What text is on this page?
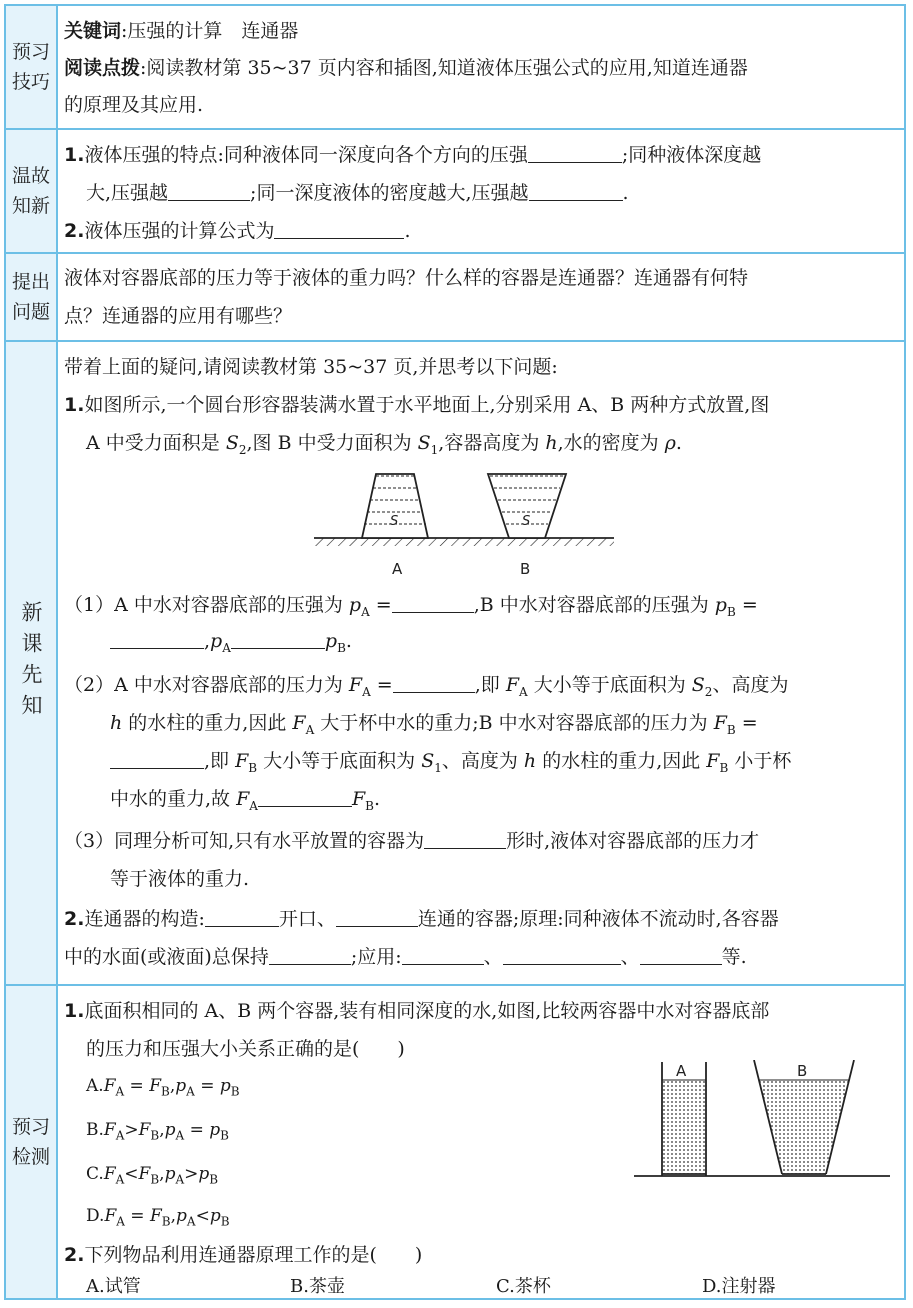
预习技巧
关键词:压强的计算　连通器
阅读点拨:阅读教材第 35~37 页内容和插图,知道液体压强公式的应用,知道连通器
的原理及其应用.
温故知新
1.液体压强的特点:同种液体同一深度向各个方向的压强	;同种液体深度越
大,压强越	;同一深度液体的密度越大,压强越	.
2.液体压强的计算公式为	.
提出问题
液体对容器底部的压力等于液体的重力吗？什么样的容器是连通器？连通器有何特
点？连通器的应用有哪些？
新课先知
带着上面的疑问,请阅读教材第 35~37 页,并思考以下问题:
1.如图所示,一个圆台形容器装满水置于水平地面上,分别采用 A、B 两种方式放置,图
A 中受力面积是 $S_2$,图 B 中受力面积为 $S_1$,容器高度为 h,水的密度为 ρ.
S	S
A	B
（1）A 中水对容器底部的压强为 $p_A$ =	,B 中水对容器底部的压强为 $p_B$ =
$,p_A$	$p_B$.
（2）A 中水对容器底部的压力为 $F_A$ =	,即 $F_A$ 大小等于底面积为 $S_2$、高度为
h 的水柱的重力,因此 $F_A$ 大于杯中水的重力;B 中水对容器底部的压力为 $F_B$ =
,即 $F_B$ 大小等于底面积为 $S_1$、高度为 h 的水柱的重力,因此 $F_B$ 小于杯
中水的重力,故 $F_A$	$F_B$.
（3）同理分析可知,只有水平放置的容器为	形时,液体对容器底部的压力才
等于液体的重力.
2.连通器的构造:	开口、	连通的容器;原理:同种液体不流动时,各容器
中的水面(或液面)总保持	;应用:	、	、	等.
预习检测
1.底面积相同的 A、B 两个容器,装有相同深度的水,如图,比较两容器中水对容器底部
的压力和压强大小关系正确的是(　　)
$A.F_A = F_B,p_A = p_B$
$B.F_A>F_B,p_A = p_B$
$C.F_A<F_B,p_A>p_B$
$D.F_A = F_B,p_A<p_B$
A	B
2.下列物品利用连通器原理工作的是(　　)
A.试管	B.茶壶	C.茶杯	D.注射器
